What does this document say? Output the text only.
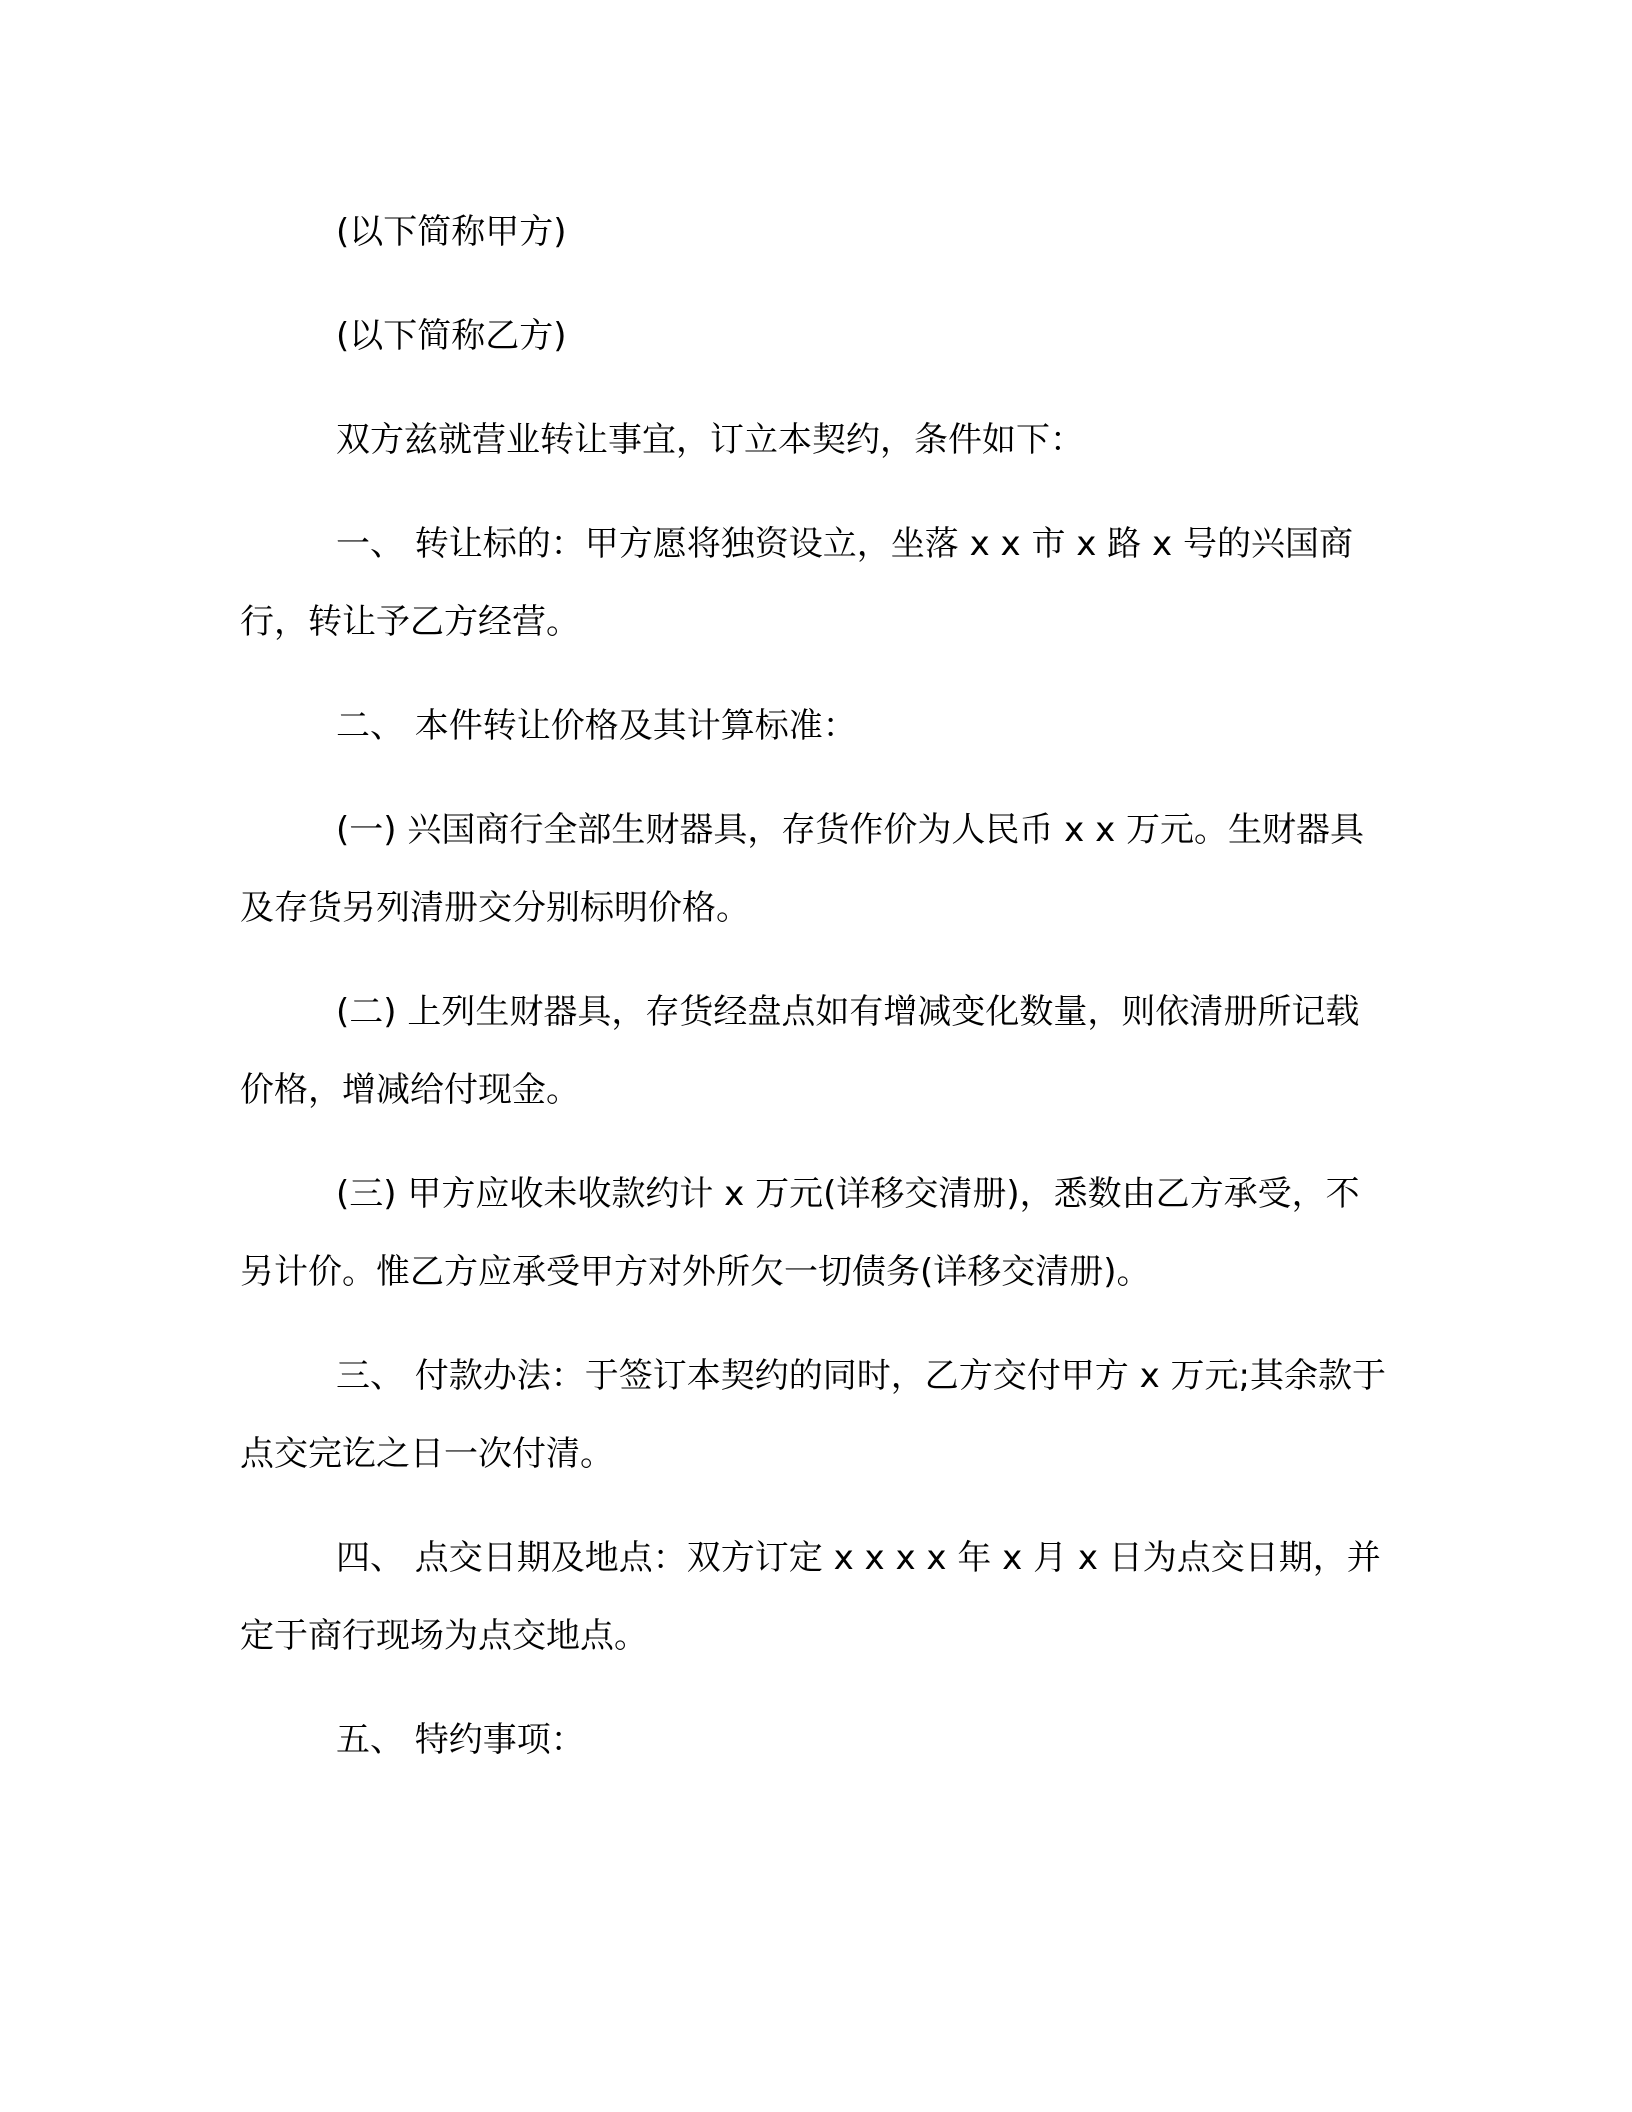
(以下简称甲方)

(以下简称乙方)

双方兹就营业转让事宜，订立本契约，条件如下：

一、 转让标的：甲方愿将独资设立，坐落 x x 市 x 路 x 号的兴国商行，转让予乙方经营。

二、 本件转让价格及其计算标准：

(一) 兴国商行全部生财器具，存货作价为人民币 x x 万元。生财器具及存货另列清册交分别标明价格。

(二) 上列生财器具，存货经盘点如有增减变化数量，则依清册所记载价格，增减给付现金。

(三) 甲方应收未收款约计 x 万元(详移交清册)，悉数由乙方承受，不另计价。惟乙方应承受甲方对外所欠一切债务(详移交清册)。

三、 付款办法：于签订本契约的同时，乙方交付甲方 x 万元;其余款于点交完讫之日一次付清。

四、 点交日期及地点：双方订定 x x x x 年 x 月 x 日为点交日期，并定于商行现场为点交地点。

五、 特约事项：
